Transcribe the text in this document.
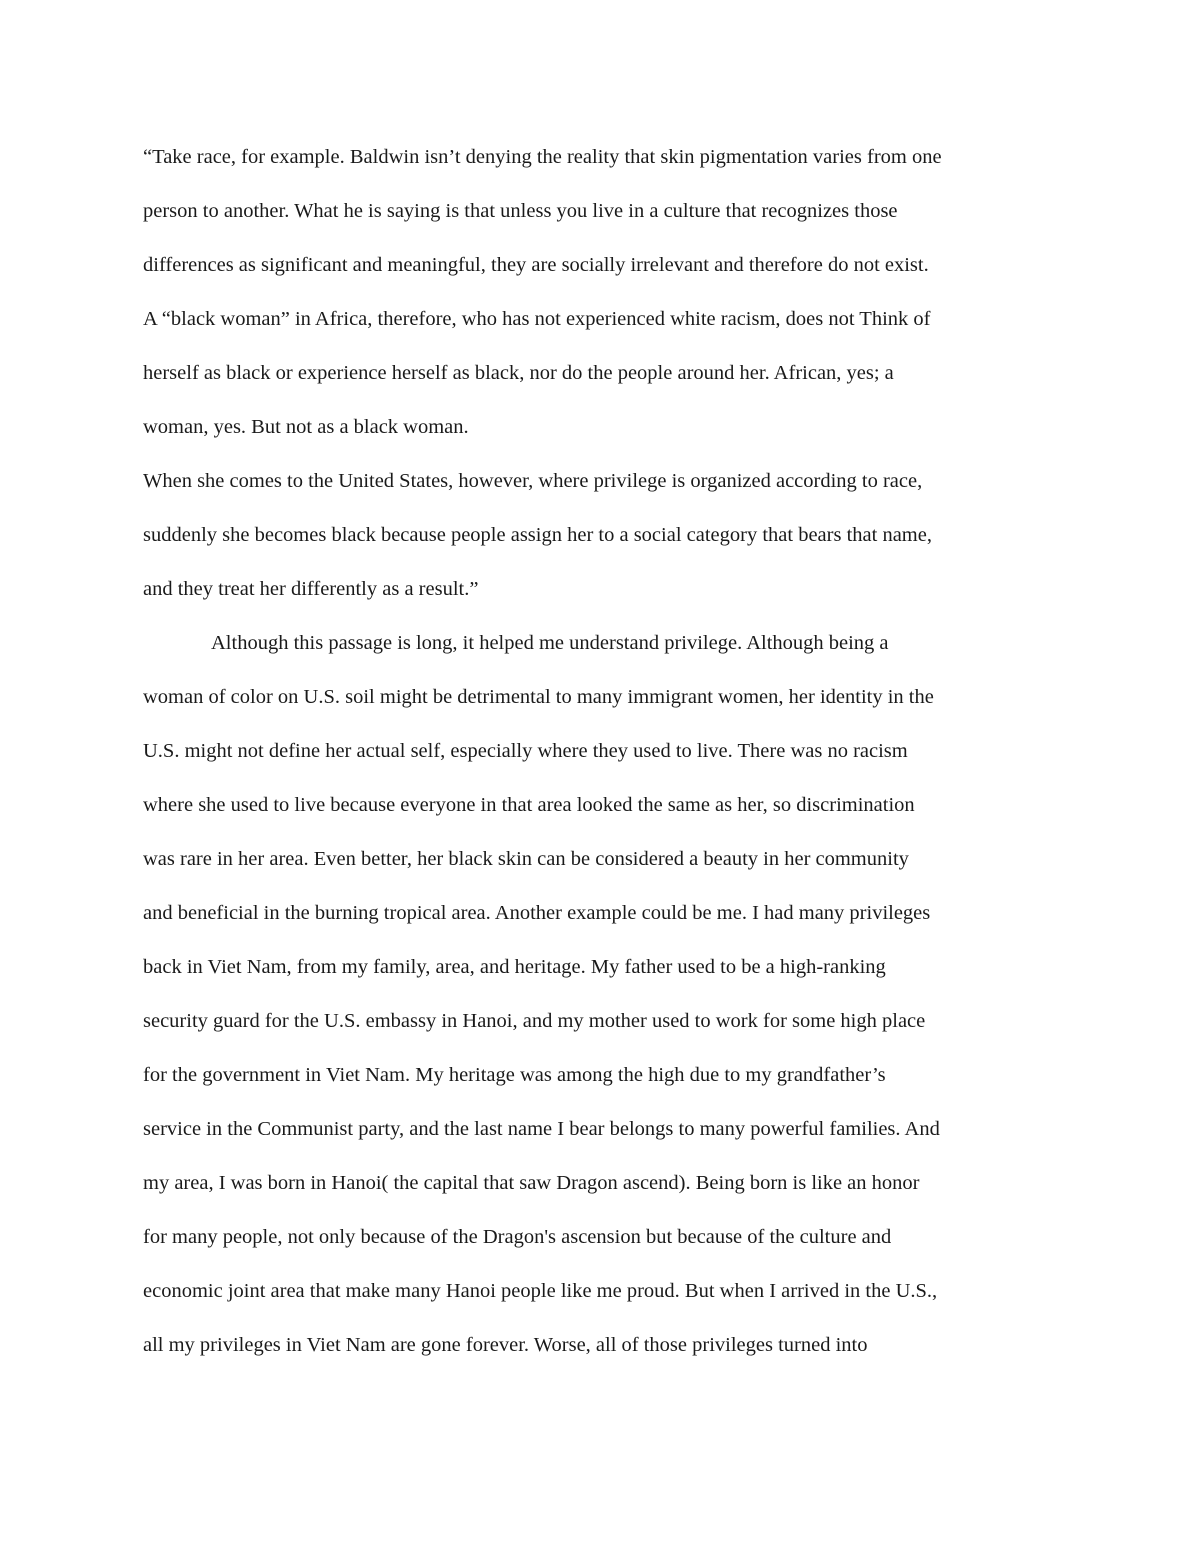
“Take race, for example. Baldwin isn’t denying the reality that skin pigmentation varies from one
person to another. What he is saying is that unless you live in a culture that recognizes those
differences as significant and meaningful, they are socially irrelevant and therefore do not exist.
A “black woman” in Africa, therefore, who has not experienced white racism, does not Think of
herself as black or experience herself as black, nor do the people around her. African, yes; a
woman, yes. But not as a black woman.
When she comes to the United States, however, where privilege is organized according to race,
suddenly she becomes black because people assign her to a social category that bears that name,
and they treat her differently as a result.”
Although this passage is long, it helped me understand privilege. Although being a
woman of color on U.S. soil might be detrimental to many immigrant women, her identity in the
U.S. might not define her actual self, especially where they used to live. There was no racism
where she used to live because everyone in that area looked the same as her, so discrimination
was rare in her area. Even better, her black skin can be considered a beauty in her community
and beneficial in the burning tropical area. Another example could be me. I had many privileges
back in Viet Nam, from my family, area, and heritage. My father used to be a high-ranking
security guard for the U.S. embassy in Hanoi, and my mother used to work for some high place
for the government in Viet Nam. My heritage was among the high due to my grandfather’s
service in the Communist party, and the last name I bear belongs to many powerful families. And
my area, I was born in Hanoi( the capital that saw Dragon ascend). Being born is like an honor
for many people, not only because of the Dragon's ascension but because of the culture and
economic joint area that make many Hanoi people like me proud. But when I arrived in the U.S.,
all my privileges in Viet Nam are gone forever. Worse, all of those privileges turned into
